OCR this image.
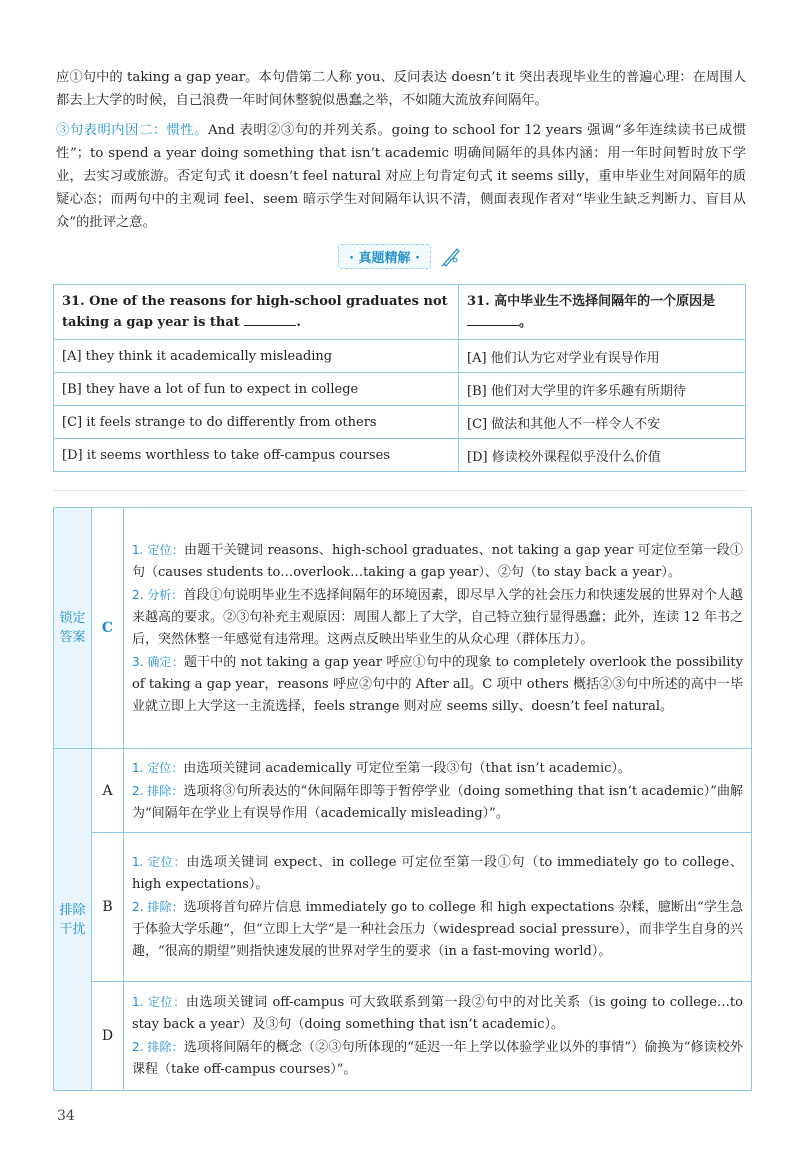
应①句中的 taking a gap year。本句借第二人称 you、反问表达 doesn’t it 突出表现毕业生的普遍心理：在周围人都去上大学的时候，自己浪费一年时间休整貌似愚蠢之举，不如随大流放弃间隔年。
③句表明内因二：惯性。And 表明②③句的并列关系。going to school for 12 years 强调“多年连续读书已成惯性”；to spend a year doing something that isn’t academic 明确间隔年的具体内涵：用一年时间暂时放下学业，去实习或旅游。否定句式 it doesn’t feel natural 对应上句肯定句式 it seems silly，重申毕业生对间隔年的质疑心态；而两句中的主观词 feel、seem 暗示学生对间隔年认识不清，侧面表现作者对“毕业生缺乏判断力、盲目从众”的批评之意。
· 真题精解 ·
31. One of the reasons for high-school graduates not taking a gap year is that .	31. 高中毕业生不选择间隔年的一个原因是。
[A] they think it academically misleading	[A] 他们认为它对学业有误导作用
[B] they have a lot of fun to expect in college	[B] 他们对大学里的许多乐趣有所期待
[C] it feels strange to do differently from others	[C] 做法和其他人不一样令人不安
[D] it seems worthless to take off-campus courses	[D] 修读校外课程似乎没什么价值
锁定答案	C	1. 定位：由题干关键词 reasons、high-school graduates、not taking a gap year 可定位至第一段①句（causes students to…overlook…taking a gap year）、②句（to stay back a year）。

2. 分析：首段①句说明毕业生不选择间隔年的环境因素，即尽早入学的社会压力和快速发展的世界对个人越来越高的要求。②③句补充主观原因：周围人都上了大学，自己特立独行显得愚蠢；此外，连读 12 年书之后，突然休整一年感觉有违常理。这两点反映出毕业生的从众心理（群体压力）。

3. 确定：题干中的 not taking a gap year 呼应①句中的现象 to completely overlook the possibility of taking a gap year，reasons 呼应②句中的 After all。C 项中 others 概括②③句中所述的高中一毕业就立即上大学这一主流选择，feels strange 则对应 seems silly、doesn’t feel natural。

排除干扰	A	1. 定位：由选项关键词 academically 可定位至第一段③句（that isn’t academic）。

2. 排除：选项将③句所表达的“休间隔年即等于暂停学业（doing something that isn’t academic）”曲解为“间隔年在学业上有误导作用（academically misleading）”。

	B	1. 定位：由选项关键词 expect、in college 可定位至第一段①句（to immediately go to college、high expectations）。

2. 排除：选项将首句碎片信息 immediately go to college 和 high expectations 杂糅，臆断出“学生急于体验大学乐趣”，但“立即上大学”是一种社会压力（widespread social pressure），而非学生自身的兴趣，“很高的期望”则指快速发展的世界对学生的要求（in a fast-moving world）。

	D	1. 定位：由选项关键词 off-campus 可大致联系到第一段②句中的对比关系（is going to college…to stay back a year）及③句（doing something that isn’t academic）。

2. 排除：选项将间隔年的概念（②③句所体现的“延迟一年上学以体验学业以外的事情”）偷换为“修读校外课程（take off-campus courses）”。

34
